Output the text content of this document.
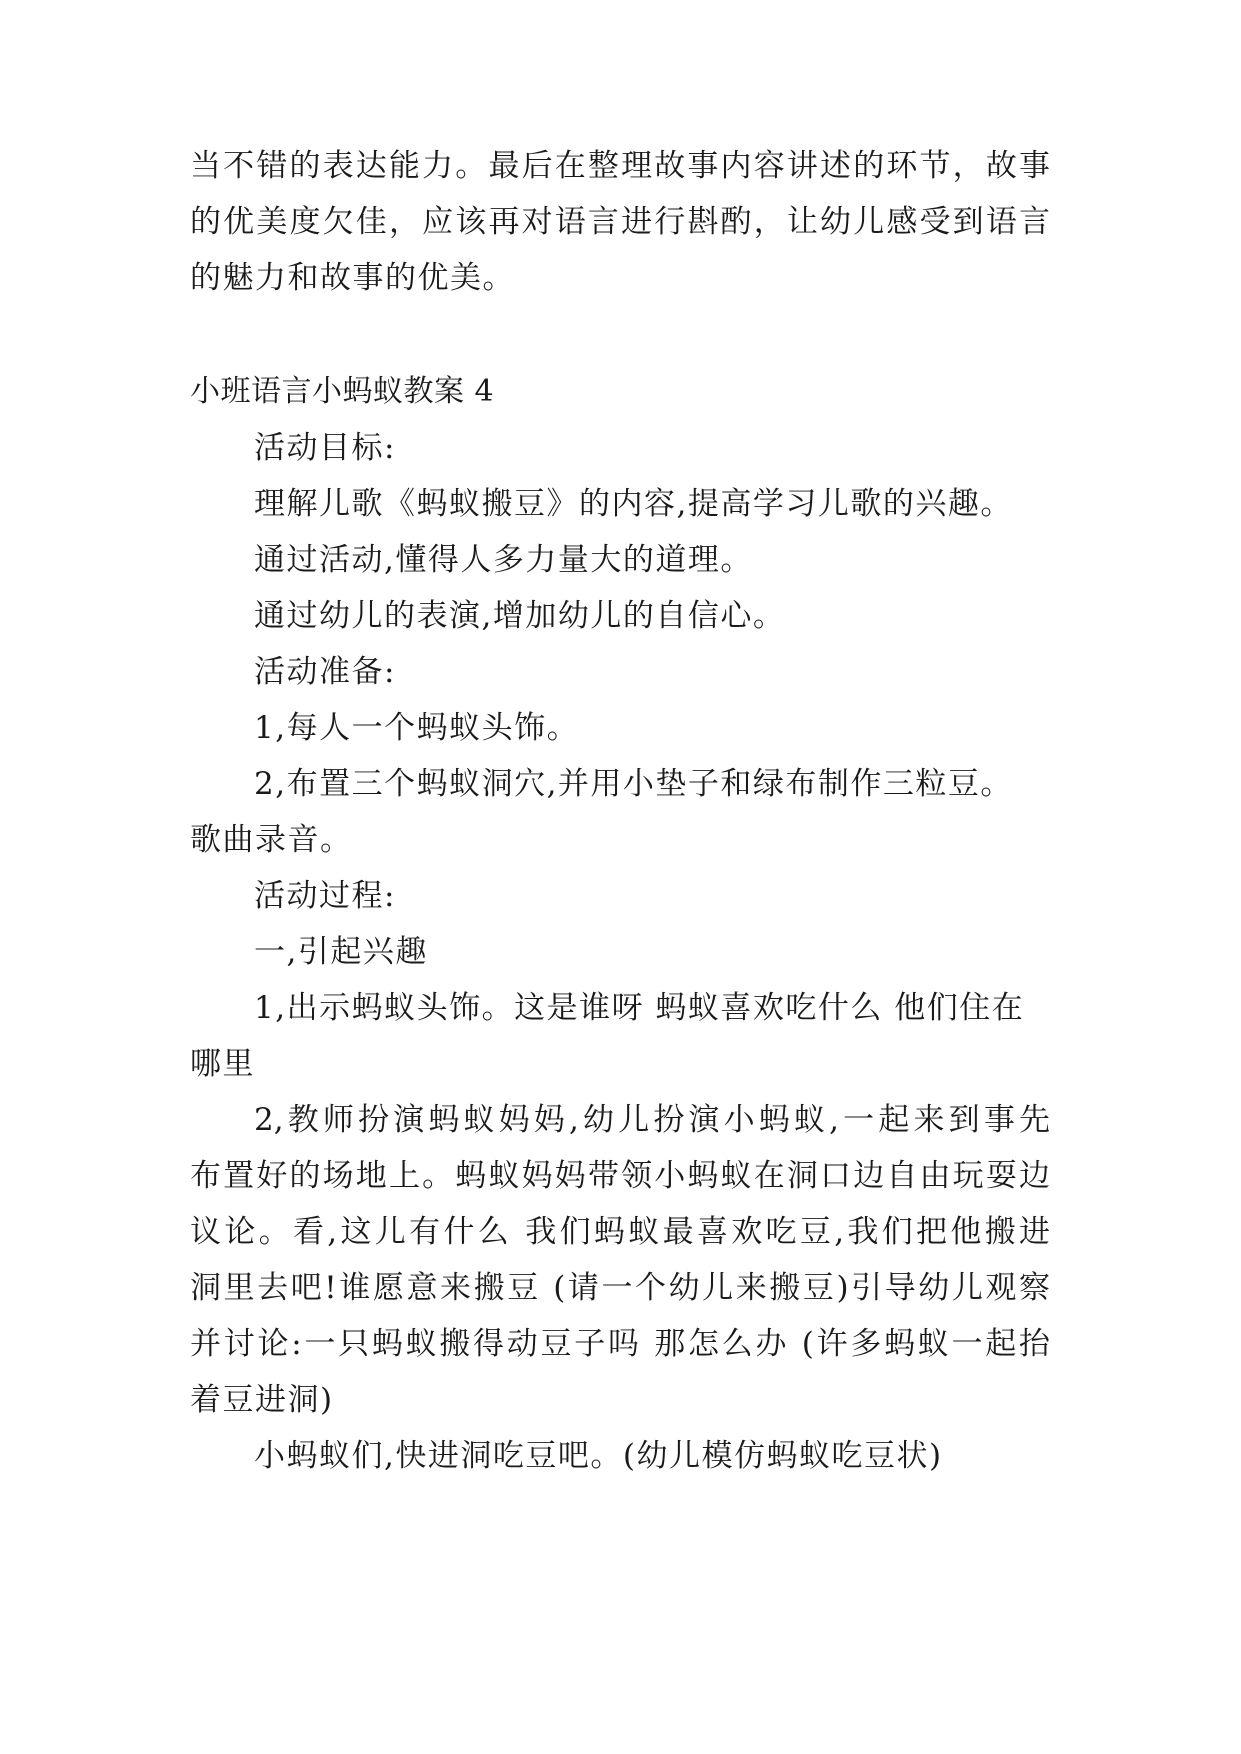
当不错的表达能力。最后在整理故事内容讲述的环节，故事
的优美度欠佳，应该再对语言进行斟酌，让幼儿感受到语言
的魅力和故事的优美。
小班语言小蚂蚁教案 4
活动目标:
理解儿歌《蚂蚁搬豆》的内容,提高学习儿歌的兴趣。
通过活动,懂得人多力量大的道理。
通过幼儿的表演,增加幼儿的自信心。
活动准备:
1,每人一个蚂蚁头饰。
2,布置三个蚂蚁洞穴,并用小垫子和绿布制作三粒豆。
歌曲录音。
活动过程:
一,引起兴趣
1,出示蚂蚁头饰。这是谁呀 蚂蚁喜欢吃什么 他们住在
哪里
2,教师扮演蚂蚁妈妈,幼儿扮演小蚂蚁,一起来到事先
布置好的场地上。蚂蚁妈妈带领小蚂蚁在洞口边自由玩耍边
议论。看,这儿有什么 我们蚂蚁最喜欢吃豆,我们把他搬进
洞里去吧!谁愿意来搬豆 (请一个幼儿来搬豆)引导幼儿观察
并讨论:一只蚂蚁搬得动豆子吗 那怎么办 (许多蚂蚁一起抬
着豆进洞)
小蚂蚁们,快进洞吃豆吧。(幼儿模仿蚂蚁吃豆状)
